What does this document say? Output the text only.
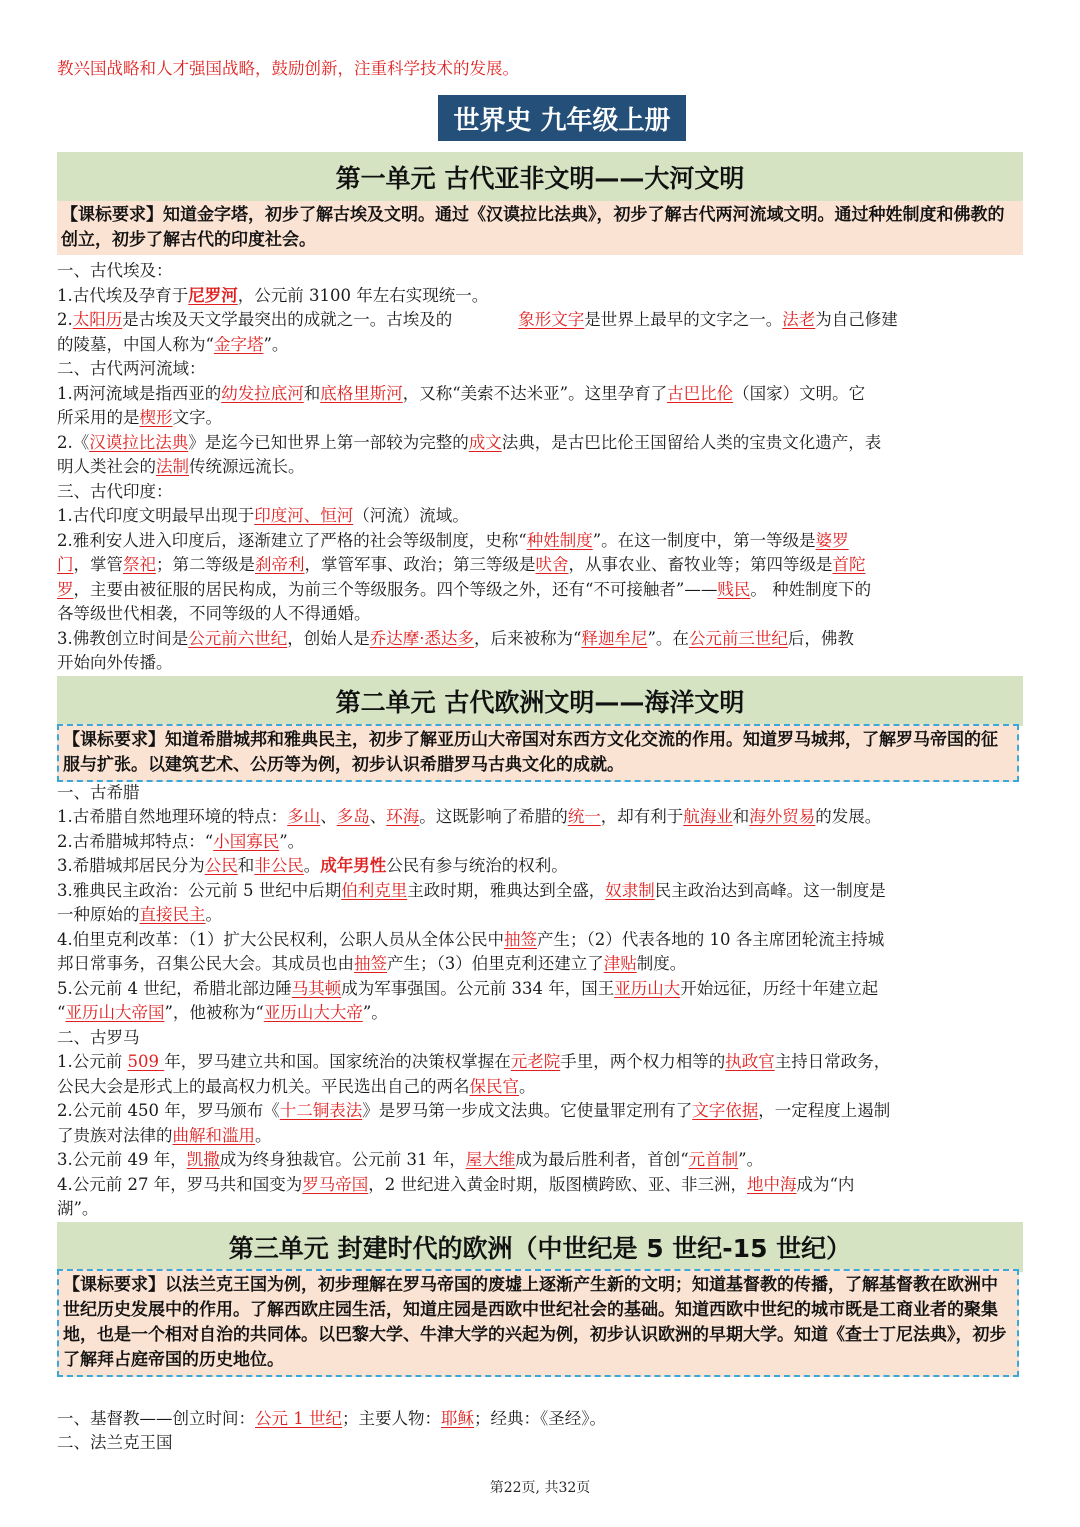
教兴国战略和人才强国战略，鼓励创新，注重科学技术的发展。
世界史 九年级上册
第一单元 古代亚非文明——大河文明
【课标要求】知道金字塔，初步了解古埃及文明。通过《汉谟拉比法典》，初步了解古代两河流域文明。通过种姓制度和佛教的创立，初步了解古代的印度社会。
一、古代埃及：
1.古代埃及孕育于尼罗河，公元前 3100 年左右实现统一。
2.太阳历是古埃及天文学最突出的成就之一。古埃及的	象形文字是世界上最早的文字之一。法老为自己修建
的陵墓，中国人称为“金字塔”。
二、古代两河流域：
1.两河流域是指西亚的幼发拉底河和底格里斯河，又称“美索不达米亚”。这里孕育了古巴比伦（国家）文明。它
所采用的是楔形文字。
2.《汉谟拉比法典》是迄今已知世界上第一部较为完整的成文法典，是古巴比伦王国留给人类的宝贵文化遗产，表
明人类社会的法制传统源远流长。
三、古代印度：
1.古代印度文明最早出现于印度河、恒河（河流）流域。
2.雅利安人进入印度后，逐渐建立了严格的社会等级制度，史称“种姓制度”。在这一制度中，第一等级是婆罗
门，掌管祭祀；第二等级是刹帝利，掌管军事、政治；第三等级是吠舍，从事农业、畜牧业等；第四等级是首陀
罗，主要由被征服的居民构成，为前三个等级服务。四个等级之外，还有“不可接触者”——贱民。 种姓制度下的
各等级世代相袭，不同等级的人不得通婚。
3.佛教创立时间是公元前六世纪，创始人是乔达摩·悉达多，后来被称为“释迦牟尼”。在公元前三世纪后，佛教
开始向外传播。
第二单元 古代欧洲文明——海洋文明
【课标要求】知道希腊城邦和雅典民主，初步了解亚历山大帝国对东西方文化交流的作用。知道罗马城邦，了解罗马帝国的征服与扩张。以建筑艺术、公历等为例，初步认识希腊罗马古典文化的成就。
一、古希腊
1.古希腊自然地理环境的特点：多山、多岛、环海。这既影响了希腊的统一，却有利于航海业和海外贸易的发展。
2.古希腊城邦特点：“小国寡民”。
3.希腊城邦居民分为公民和非公民。成年男性公民有参与统治的权利。
3.雅典民主政治：公元前 5 世纪中后期伯利克里主政时期，雅典达到全盛，奴隶制民主政治达到高峰。这一制度是
一种原始的直接民主。
4.伯里克利改革：（1）扩大公民权利，公职人员从全体公民中抽签产生；（2）代表各地的 10 各主席团轮流主持城
邦日常事务，召集公民大会。其成员也由抽签产生；（3）伯里克利还建立了津贴制度。
5.公元前 4 世纪，希腊北部边陲马其顿成为军事强国。公元前 334 年，国王亚历山大开始远征，历经十年建立起
“亚历山大帝国”，他被称为“亚历山大大帝”。
二、古罗马
1.公元前 509 年，罗马建立共和国。国家统治的决策权掌握在元老院手里，两个权力相等的执政官主持日常政务，
公民大会是形式上的最高权力机关。平民选出自己的两名保民官。
2.公元前 450 年，罗马颁布《十二铜表法》是罗马第一步成文法典。它使量罪定刑有了文字依据，一定程度上遏制
了贵族对法律的曲解和滥用。
3.公元前 49 年，凯撒成为终身独裁官。公元前 31 年，屋大维成为最后胜利者，首创“元首制”。
4.公元前 27 年，罗马共和国变为罗马帝国，2 世纪进入黄金时期，版图横跨欧、亚、非三洲，地中海成为“内
湖”。
第三单元 封建时代的欧洲（中世纪是 5 世纪-15 世纪）
【课标要求】以法兰克王国为例，初步理解在罗马帝国的废墟上逐渐产生新的文明；知道基督教的传播，了解基督教在欧洲中世纪历史发展中的作用。了解西欧庄园生活，知道庄园是西欧中世纪社会的基础。知道西欧中世纪的城市既是工商业者的聚集地，也是一个相对自治的共同体。以巴黎大学、牛津大学的兴起为例，初步认识欧洲的早期大学。知道《查士丁尼法典》，初步了解拜占庭帝国的历史地位。
一、基督教——创立时间：公元 1 世纪；主要人物：耶稣；经典：《圣经》。
二、法兰克王国
第22页, 共32页
